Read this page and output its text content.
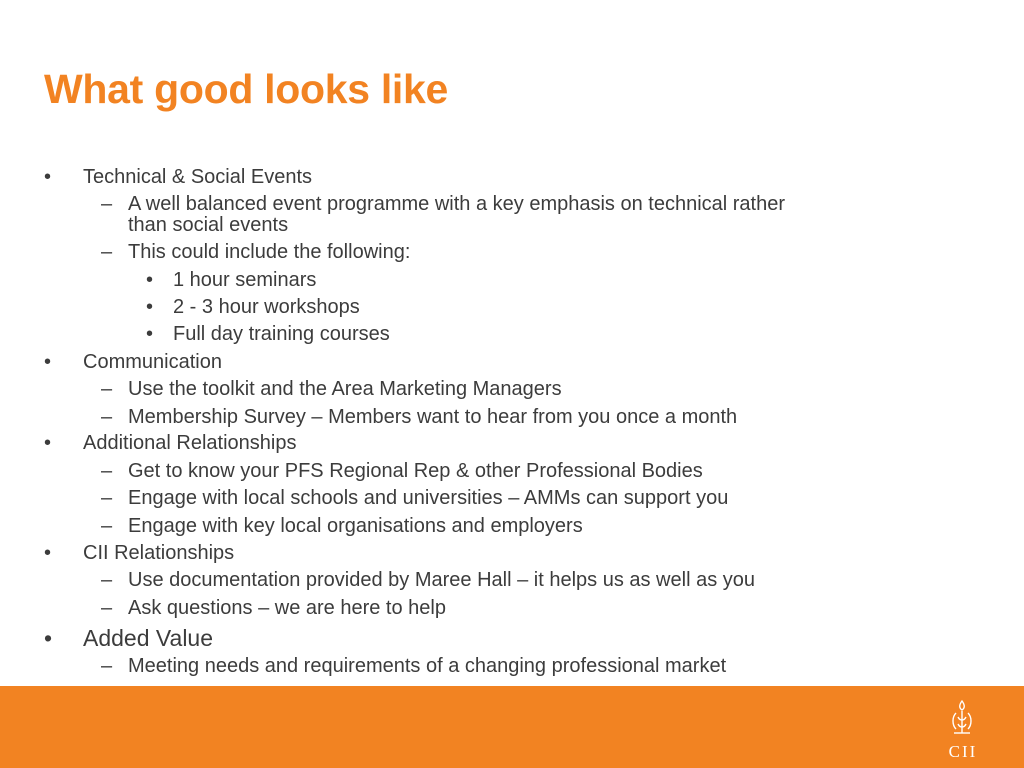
What good looks like
• Technical & Social Events
– A well balanced event programme with a key emphasis on technical rather
than social events
– This could include the following:
• 1 hour seminars
• 2 - 3 hour workshops
• Full day training courses
• Communication
– Use the toolkit and the Area Marketing Managers
– Membership Survey – Members want to hear from you once a month
• Additional Relationships
– Get to know your PFS Regional Rep & other Professional Bodies
– Engage with local schools and universities – AMMs can support you
– Engage with key local organisations and employers
• CII Relationships
– Use documentation provided by Maree Hall – it helps us as well as you
– Ask questions – we are here to help
• Added Value
– Meeting needs and requirements of a changing professional market
CII
